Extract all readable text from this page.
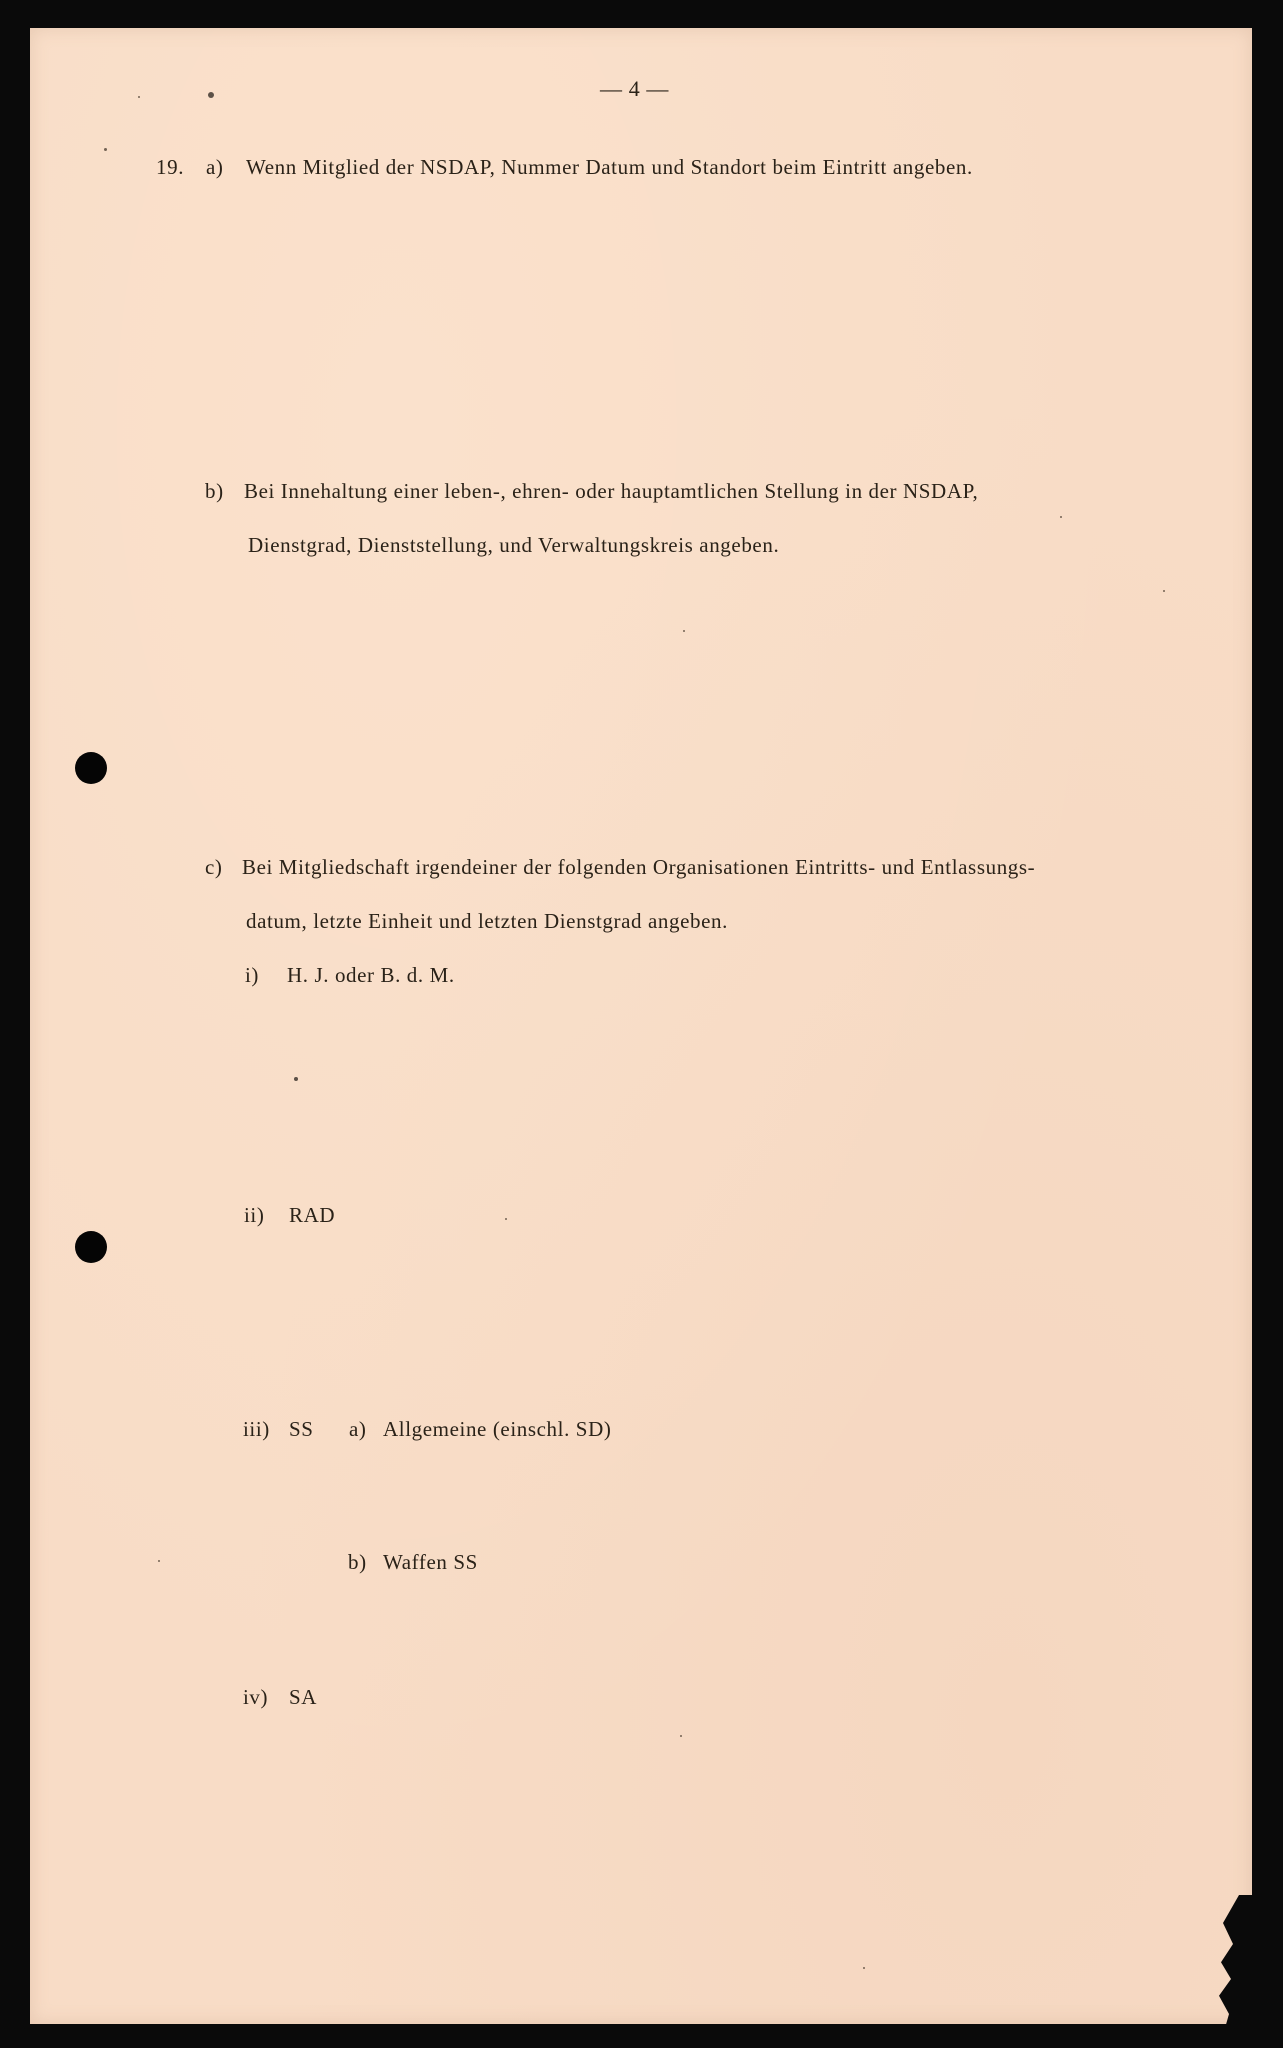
— 4 —
19. a) Wenn Mitglied der NSDAP, Nummer Datum und Standort beim Eintritt angeben.
b) Bei Innehaltung einer leben-, ehren- oder hauptamtlichen Stellung in der NSDAP,
Dienstgrad, Dienststellung, und Verwaltungskreis angeben.
c) Bei Mitgliedschaft irgendeiner der folgenden Organisationen Eintritts- und Entlassungs-
datum, letzte Einheit und letzten Dienstgrad angeben.
i) H. J. oder B. d. M.
ii) RAD
iii) SS a) Allgemeine (einschl. SD)
b) Waffen SS
iv) SA
